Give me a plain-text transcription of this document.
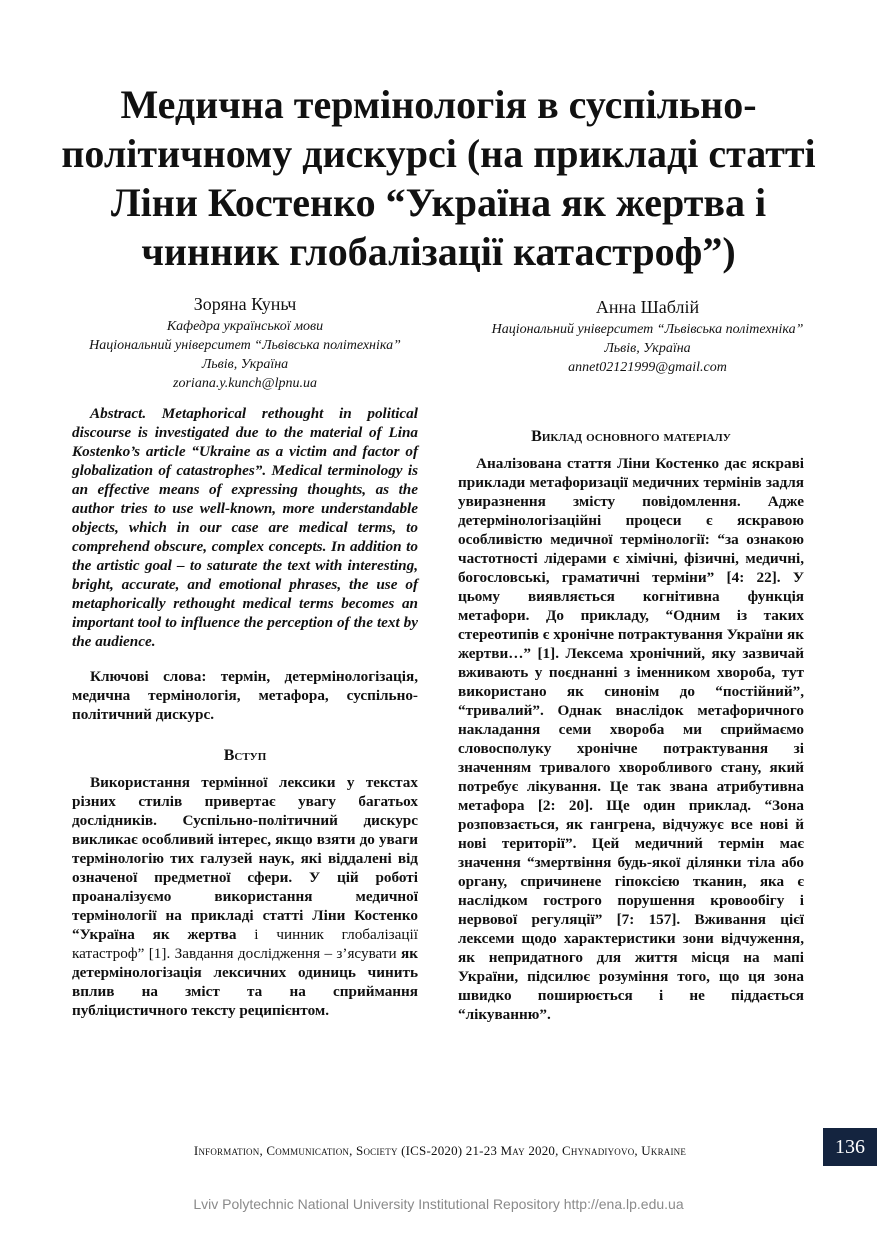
Медична термінологія в суспільно-політичному дискурсі (на прикладі статті Ліни Костенко “Україна як жертва і чинник глобалізації катастроф”)
Зоряна Куньч
Кафедра української мови
Національний університет “Львівська політехніка”
Львів, Україна
zoriana.y.kunch@lpnu.ua
Анна Шаблій
Національний університет “Львівська політехніка”
Львів, Україна
annet02121999@gmail.com

Abstract. Metaphorical rethought in political discourse is investigated due to the material of Lina Kostenko’s article “Ukraine as a victim and factor of globalization of catastrophes”. Medical terminology is an effective means of expressing thoughts, as the author tries to use well-known, more understandable objects, which in our case are medical terms, to comprehend obscure, complex concepts. In addition to the artistic goal – to saturate the text with interesting, bright, accurate, and emotional phrases, the use of metaphorically rethought medical terms becomes an important tool to influence the perception of the text by the audience.

Ключові слова: термін, детермінологізація, медична термінологія, метафора, суспільно-політичний дискурс.

Вступ

Використання термінної лексики у текстах різних стилів привертає увагу багатьох дослідників. Суспільно-політичний дискурс викликає особливий інтерес, якщо взяти до уваги термінологію тих галузей наук, які віддалені від означеної предметної сфери. У цій роботі проаналізуємо використання медичної термінології на прикладі статті Ліни Костенко “Україна як жертва і чинник глобалізації катастроф” [1]. Завдання дослідження – з’ясувати як детермінологізація лексичних одиниць чинить вплив на зміст та на сприймання публіцистичного тексту реципієнтом.

Виклад основного матеріалу

Аналізована стаття Ліни Костенко дає яскраві приклади метафоризації медичних термінів задля увиразнення змісту повідомлення. Адже детермінологізаційні процеси є яскравою особливістю медичної термінології: “за ознакою частотності лідерами є хімічні, фізичні, медичні, богословські, граматичні терміни” [4: 22]. У цьому виявляється когнітивна функція метафори. До прикладу, “Одним із таких стереотипів є хронічне потрактування України як жертви…” [1]. Лексема хронічний, яку зазвичай вживають у поєднанні з іменником хвороба, тут використано як синонім до “постійний”, “тривалий”. Однак внаслідок метафоричного накладання семи хвороба ми сприймаємо словосполуку хронічне потрактування зі значенням тривалого хворобливого стану, який потребує лікування. Це так звана атрибутивна метафора [2: 20]. Ще один приклад. “Зона розповзається, як гангрена, відчужує все нові й нові території”. Цей медичний термін має значення “змертвіння будь-якої ділянки тіла або органу, спричинене гіпоксією тканин, яка є наслідком гострого порушення кровообігу і нервової регуляції” [7: 157]. Вживання цієї лексеми щодо характеристики зони відчуження, як непридатного для життя місця на мапі України, підсилює розуміння того, що ця зона швидко поширюється і не піддається “лікуванню”.

Information, Communication, Society (ICS-2020) 21-23 May 2020, Chynadiyovo, Ukraine	136
Lviv Polytechnic National University Institutional Repository http://ena.lp.edu.ua
